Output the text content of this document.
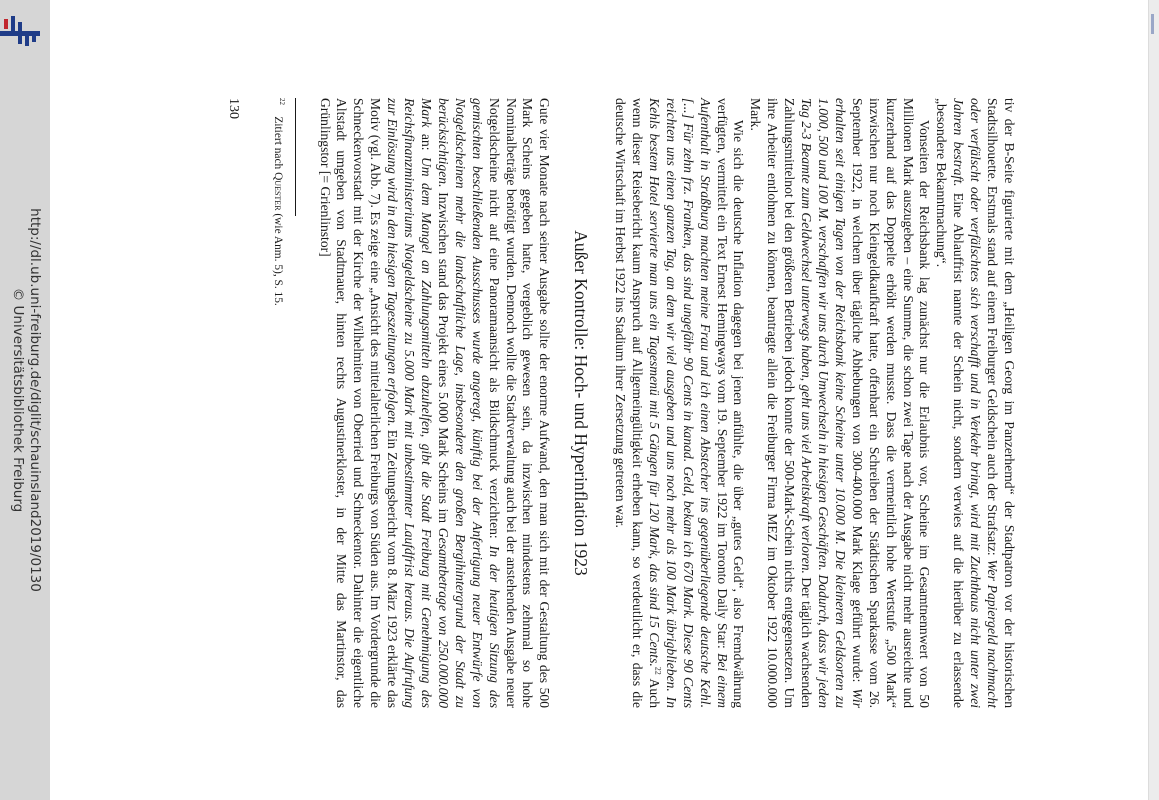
http://dl.ub.uni-freiburg.de/diglit/schauinsland2019/0130
© Universitätsbibliothek Freiburg	tiv der B-Seite figurierte mit dem „Heiligen Georg im Panzerhemd“ der Stadtpatron vor der historischen Stadtsilhouette. Erstmals stand auf einem Freiburger Geldschein auch der Strafsatz: Wer Papiergeld nachmacht oder verfälscht oder verfälschtes sich verschafft und in Verkehr bringt, wird mit Zuchthaus nicht unter zwei Jahren bestraft. Eine Ablauffrist nannte der Schein nicht, sondern verwies auf die hierüber zu erlassende „besondere Bekanntmachung“.

Vonseiten der Reichsbank lag zunächst nur die Erlaubnis vor, Scheine im Gesamtnennwert von 50 Millionen Mark auszugeben – eine Summe, die schon zwei Tage nach der Ausgabe nicht mehr ausreichte und kurzerhand auf das Doppelte erhöht werden musste. Dass die vermeintlich hohe Wertstufe „500 Mark“ inzwischen nur noch Kleingeldkaufkraft hatte, offenbart ein Schreiben der Städtischen Sparkasse vom 26. September 1922, in welchem über tägliche Abhebungen von 300-400.000 Mark Klage geführt wurde: Wir erhalten seit einigen Tagen von der Reichsbank keine Scheine unter 10.000 M. Die kleineren Geldsorten zu 1.000, 500 und 100 M. verschaffen wir uns durch Umwechseln in hiesigen Geschäften. Dadurch, dass wir jeden Tag 2-3 Beamte zum Geldwechsel unterwegs haben, geht uns viel Arbeitskraft verloren. Der täglich wachsenden Zahlungsmittelnot bei den größeren Betrieben jedoch konnte der 500-Mark-Schein nichts entgegensetzen. Um ihre Arbeiter entlohnen zu können, beantragte allein die Freiburger Firma MEZ im Oktober 1922 10.000.000 Mark.

Wie sich die deutsche Inflation dagegen bei jenen anfühlte, die über „gutes Geld“, also Fremdwährung verfügten, vermittelt ein Text Ernest Hemingways vom 19. September 1922 im Toronto Daily Star: Bei einem Aufenthalt in Straßburg machten meine Frau und ich einen Abstecher ins gegenüberliegende deutsche Kehl. [...] Für zehn frz. Franken, das sind ungefähr 90 Cents in kanad. Geld, bekam ich 670 Mark. Diese 90 Cents reichten uns einen ganzen Tag, an dem wir viel ausgeben und uns noch mehr als 100 Mark übrigblieben. In Kehls bestem Hotel servierte man uns ein Tagesmenü mit 5 Gängen für 120 Mark, das sind 15 Cents.$^{22}$ Auch wenn dieser Reisebericht kaum Anspruch auf Allgemeingültigkeit erheben kann, so verdeutlicht er, dass die deutsche Wirtschaft im Herbst 1922 ins Stadium ihrer Zersetzung getreten war.

Außer Kontrolle: Hoch- und Hyperinflation 1923

Gute vier Monate nach seiner Ausgabe sollte der enorme Aufwand, den man sich mit der Gestaltung des 500 Mark Scheins gegeben hatte, vergeblich gewesen sein, da inzwischen mindestens zehnmal so hohe Nominalbeträge benötigt wurden. Dennoch wollte die Stadtverwaltung auch bei der anstehenden Ausgabe neuer Notgeldscheine nicht auf eine Panoramaansicht als Bildschmuck verzichten: In der heutigen Sitzung des gemischten beschließenden Ausschusses wurde angeregt, künftig bei der Anfertigung neuer Entwürfe von Notgeldscheinen mehr die landschaftliche Lage, insbesondere den großen Bergihintergrund der Stadt zu berücksichtigen. Inzwischen stand das Projekt eines 5.000 Mark Scheins im Gesamtbetrage von 250.000.000 Mark an: Um dem Mangel an Zahlungsmitteln abzuhelfen, gibt die Stadt Freiburg mit Genehmigung des Reichsfinanzministeriums Notgeldscheine zu 5.000 Mark mit unbestimmter Laufdfrist heraus. Die Aufrufung zur Einlösung wird in den hiesigen Tageszeitungen erfolgen. Ein Zeitungsbericht vom 8. März 1923 erklärte das Motiv (vgl. Abb. 7). Es zeige eine „Ansicht des mittelalterlichen Freiburgs von Süden aus. Im Vordergrunde die Schneckenvorstadt mit der Kirche der Wilhelmiten von Oberried und Schneckentor. Dahinter die eigentliche Altstadt umgeben von Stadtmauer, hinten rechts Augustinerkloster, in der Mitte das Martinstor, das Grünlingstor [= Grienlinstor]

$^{22}$    Zitiert nach Quester (wie Anm. 5), S. 15.
130
